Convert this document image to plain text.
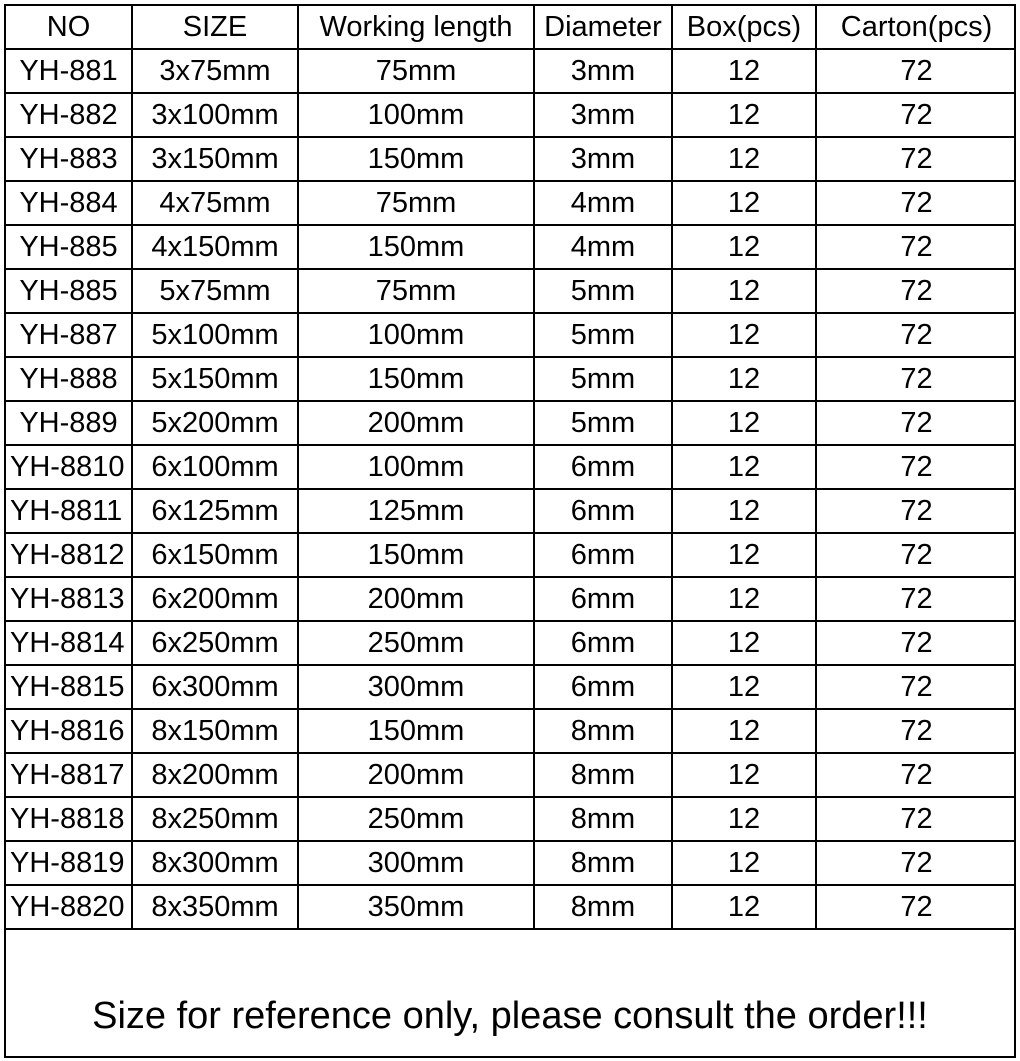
NO	SIZE	Working length	Diameter	Box(pcs)	Carton(pcs)
YH-881	3x75mm	75mm	3mm	12	72
YH-882	3x100mm	100mm	3mm	12	72
YH-883	3x150mm	150mm	3mm	12	72
YH-884	4x75mm	75mm	4mm	12	72
YH-885	4x150mm	150mm	4mm	12	72
YH-885	5x75mm	75mm	5mm	12	72
YH-887	5x100mm	100mm	5mm	12	72
YH-888	5x150mm	150mm	5mm	12	72
YH-889	5x200mm	200mm	5mm	12	72
YH-8810	6x100mm	100mm	6mm	12	72
YH-8811	6x125mm	125mm	6mm	12	72
YH-8812	6x150mm	150mm	6mm	12	72
YH-8813	6x200mm	200mm	6mm	12	72
YH-8814	6x250mm	250mm	6mm	12	72
YH-8815	6x300mm	300mm	6mm	12	72
YH-8816	8x150mm	150mm	8mm	12	72
YH-8817	8x200mm	200mm	8mm	12	72
YH-8818	8x250mm	250mm	8mm	12	72
YH-8819	8x300mm	300mm	8mm	12	72
YH-8820	8x350mm	350mm	8mm	12	72
Size for reference only, please consult the order!!!
